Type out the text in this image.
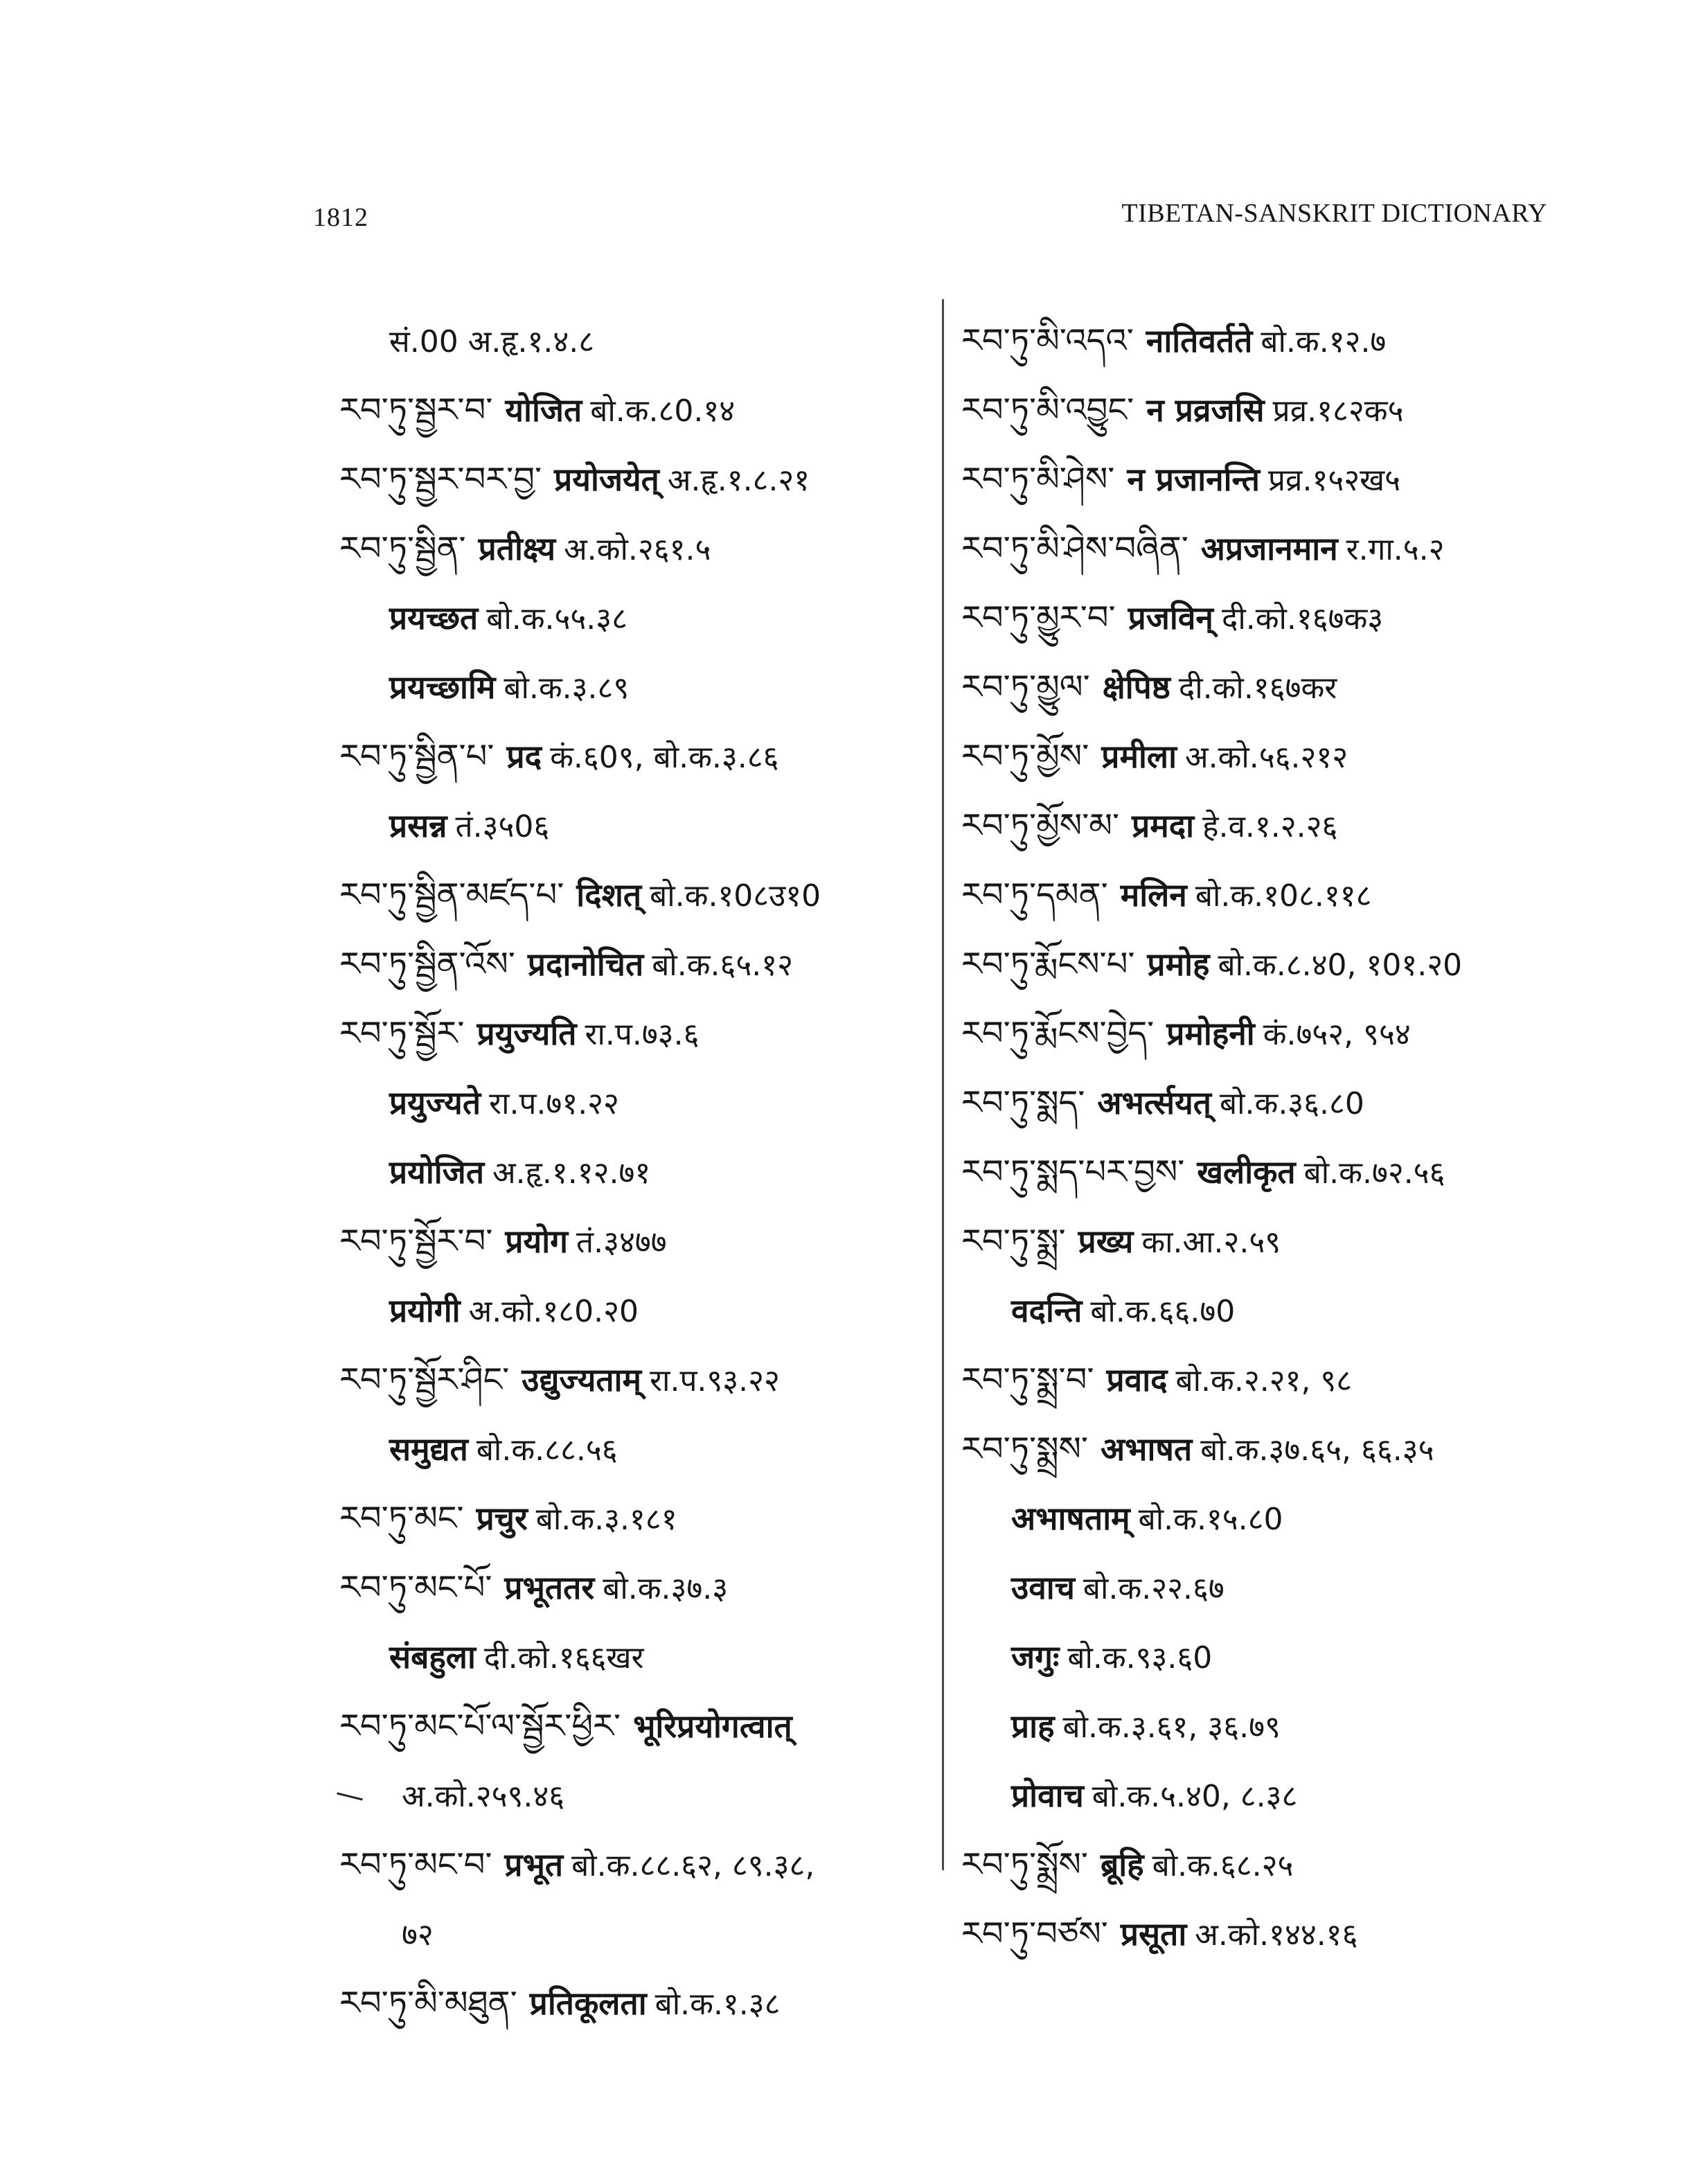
1812	TIBETAN-SANSKRIT DICTIONARY
सं.00 अ.हृ.१.४.८
རབ་ཏུ་སྦྱར་བ་ योजित बो.क.८0.१४
རབ་ཏུ་སྦྱར་བར་བྱ་ प्रयोजयेत् अ.हृ.१.८.२१
རབ་ཏུ་སྦྱིན་ प्रतीक्ष्य अ.को.२६१.५
प्रयच्छत बो.क.५५.३८
प्रयच्छामि बो.क.३.८९
རབ་ཏུ་སྦྱིན་པ་ प्रद कं.६0९, बो.क.३.८६
प्रसन्न तं.३५0६
རབ་ཏུ་སྦྱིན་མཛད་པ་ दिशत् बो.क.१0८उ१0
རབ་ཏུ་སྦྱིན་འོས་ प्रदानोचित बो.क.६५.१२
རབ་ཏུ་སྦྱོར་ प्रयुज्यति रा.प.७३.६
प्रयुज्यते रा.प.७१.२२
प्रयोजित अ.हृ.१.१२.७१
རབ་ཏུ་སྦྱོར་བ་ प्रयोग तं.३४७७
प्रयोगी अ.को.१८0.२0
རབ་ཏུ་སྦྱོར་ཤིང་ उद्युज्यताम् रा.प.९३.२२
समुद्यत बो.क.८८.५६
རབ་ཏུ་མང་ प्रचुर बो.क.३.१८१
རབ་ཏུ་མང་པོ་ प्रभूततर बो.क.३७.३
संबहुला दी.को.१६६खर
རབ་ཏུ་མང་པོ་ལ་སྦྱོར་ཕྱིར་ भूरिप्रयोगत्वात्
अ.को.२५९.४६
རབ་ཏུ་མང་བ་ प्रभूत बो.क.८८.६२, ८९.३८,
७२
རབ་ཏུ་མི་མཐུན་ प्रतिकूलता बो.क.१.३८
རབ་ཏུ་མི་འདའ་ नातिवर्तते बो.क.१२.७
རབ་ཏུ་མི་འབྱུང་ न प्रव्रजसि प्रव्र.१८२क५
རབ་ཏུ་མི་ཤེས་ न प्रजानन्ति प्रव्र.१५२ख५
རབ་ཏུ་མི་ཤེས་བཞིན་ अप्रजानमान र.गा.५.२
རབ་ཏུ་མྱུར་བ་ प्रजविन् दी.को.१६७क३
རབ་ཏུ་མྱུལ་ क्षेपिष्ठ दी.को.१६७कर
རབ་ཏུ་མྱོས་ प्रमीला अ.को.५६.२१२
རབ་ཏུ་མྱོས་མ་ प्रमदा हे.व.१.२.२६
རབ་ཏུ་དམན་ मलिन बो.क.१0८.११८
རབ་ཏུ་རྨོངས་པ་ प्रमोह बो.क.८.४0, १0१.२0
རབ་ཏུ་རྨོངས་བྱེད་ प्रमोहनी कं.७५२, ९५४
རབ་ཏུ་སྨད་ अभर्त्सयत् बो.क.३६.८0
རབ་ཏུ་སྨད་པར་བྱས་ खलीकृत बो.क.७२.५६
རབ་ཏུ་སྨྲ་ प्रख्य का.आ.२.५९
वदन्ति बो.क.६६.७0
རབ་ཏུ་སྨྲ་བ་ प्रवाद बो.क.२.२१, ९८
རབ་ཏུ་སྨྲས་ अभाषत बो.क.३७.६५, ६६.३५
अभाषताम् बो.क.१५.८0
उवाच बो.क.२२.६७
जगुः बो.क.९३.६0
प्राह बो.क.३.६१, ३६.७९
प्रोवाच बो.क.५.४0, ८.३८
རབ་ཏུ་སྨྲོས་ ब्रूहि बो.क.६८.२५
རབ་ཏུ་བཙས་ प्रसूता अ.को.१४४.१६
